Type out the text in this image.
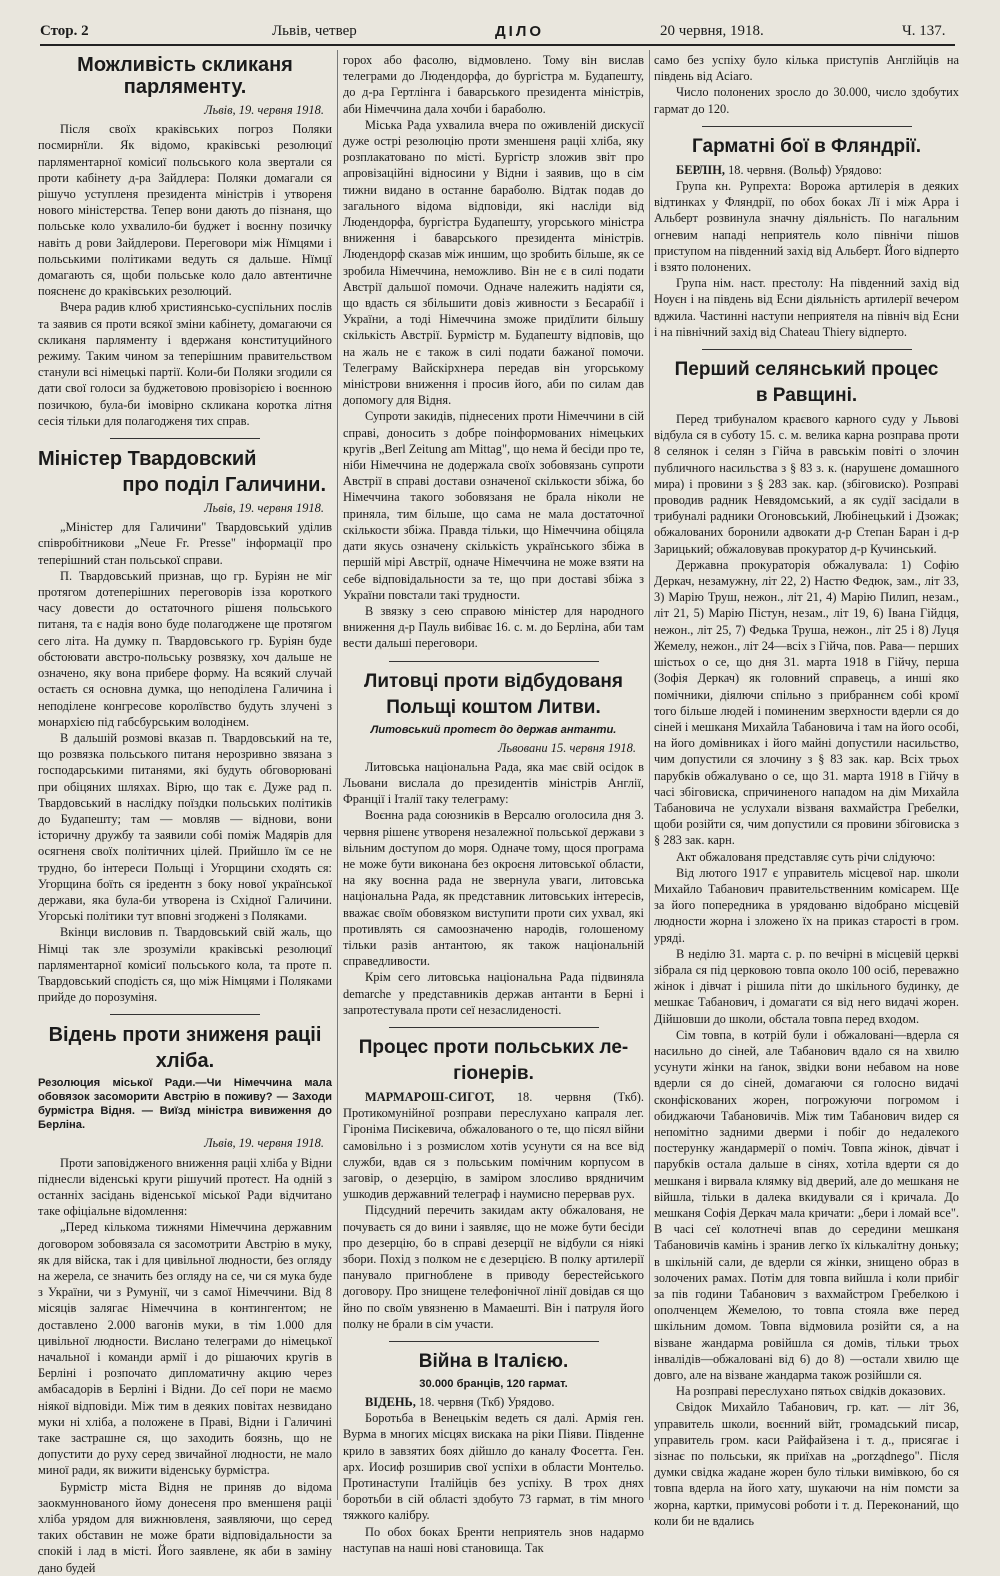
Стор. 2	Львів, четвер	ДІЛО	20 червня, 1918.	Ч. 137.
Можливість скликаня парляменту.
Львів, 19. червня 1918.

Після своїх краківських погроз Поляки посмирнїли. Як відомо, краківські резолюциї парляментарної комісиї польського кола звертали ся проти кабінету д-ра Зайдлера: Поляки домагали ся рішучо уступленя президента міністрів і утвореня нового міністерства. Тепер вони дають до пізнаня, що польське коло ухвалило-би буджет і воєнну позичку навіть д рови Зайдлерови. Переговори між Нїмцями і польськими політиками ведуть ся дальше. Нїмцї домагають ся, щоби польське коло дало автентичне поясненє до краківських резолюций.

Вчера радив клюб християнсько-суспільних послів та заявив ся проти всякої зміни кабінету, домагаючи ся скликаня парляменту і вдержаня конституцийного режиму. Таким чином за теперішним правительством станули всі німецькі партії. Коли-би Поляки згодили ся дати свої голоси за буджетовою провізорією і воєнною позичкою, була-би імовірно скликана короткa літня сесія тільки для полагодженя тих справ.

Міністер Твардовский
про поділ Галичини.
Львів, 19. червня 1918.

„Міністер для Галичини" Твардовський уділив співробітникови „Neue Fr. Presse" інформації про теперішний стан польської справи.

П. Твардовський признав, що гр. Буріян не міг протягом дотеперішних переговорів ізза короткого часу довести до остаточного рішеня польського питаня, та є надія воно буде полагоджене ще протягом сего літа. На думку п. Твардовського гр. Буріян буде обстоювати австро-польську розвязку, хоч дальше не означено, яку вона прибере форму. На всякий случай остаєть ся основна думка, що неподілена Галичина і неподілене конгресове королївство будуть злучені з монархією під габсбурським володінєм.

В дальшій розмові вказав п. Твардовський на те, що розвязка польського питаня нерозривно звязана з господарськими питанями, які будуть обговорювані при обіцяних шляхах. Вірю, що так є. Дуже рад п. Твардовський в наслідку поїздки польських політиків до Будапешту; там — мовляв — віднови, вони історичну дружбу та заявили собі поміж Мадярів для осягненя своїх політичних цілей. Прийшло їм се не трудно, бо інтереси Польщі і Угорщини сходять ся: Угорщина боїть ся іредентн з боку нової української держави, яка була-би утворена із Східної Галичини. Угорські політики тут вповні згоджені з Поляками.

Вкінци висловив п. Твардовський свій жаль, що Німці так зле зрозуміли краківські резолюциї парляментарної комісиї польського кола, та проте п. Твардовський сподість ся, що між Німцями і Поляками прийде до порозуміня.

Відень проти зниженя раціі
хліба.
Резолюция міської Ради.—Чи Німеччина мала обовязок засоморити Австрію в поживу? — Заходи бурмістра Відня. — Виїзд міністра вивиження до Берліна.
Львів, 19. червня 1918.

Проти заповідженого вниження раціі хліба у Відни піднесли віденські круги рішучий протест. На одній з останніх засідань віденської міської Ради відчитано таке офіціальне відомлення:

„Перед кількома тижнями Німеччина державним договором зобовязала ся засомотрити Австрію в муку, як для війска, так і для цивільної людности, без огляду на жерела, се значить без огляду на се, чи ся мука буде з України, чи з Румунії, чи з самої Німеччини. Від 8 місяців залягає Німеччина в контингентом; не доставлено 2.000 вагонів муки, в тім 1.000 для цивільної людности. Вислано телеграми до німецької начальної і команди армії і до рішаючих кругів в Берліні і розпочато дипломатичну акцию через амбасадорів в Берліні і Відни. До сеї пори не маємо ніякої відповіди. Між тим в деяких повітах незвидано муки ні хліба, а положене в Праві, Відни і Галичині таке застрашне ся, що заходить боязнь, що не допустити до руху серед звичайної людности, не мало миної ради, як вижити віденськy бурмістра.

Бурмістр міста Відня не приняв до відома заокмуннованого йому донесеня про вменшеня раціі хліба урядом для вижнювленя, заявляючи, що серед таких обставин не може брати відповідальности за спокій і лад в місті. Його заявлене, як аби в заміну дано будей

горох або фасолю, відмовлено. Тому він вислав телеграми до Людендорфа, до бургістра м. Будапешту, до д-ра Гертлінга і баварського президента міністрів, аби Німеччина дала хочби і бараболю.

Міська Рада ухвалила вчера по оживленій дискусії дуже острі резолюцію проти зменшеня раціі хліба, яку розплакатовано по місті. Бургістр зложив звіт про апровізаційні відносини у Відни і заявив, що в сім тижни видано в останне бараболю. Відтак подав до загального відома відповіди, які насліди від Людендорфа, бургістра Будапешту, угорського міністра вниження і баварського президента міністрів. Людендорф сказав між иншим, що зробить більше, як се зробила Німеччина, неможливо. Він не є в силі подати Австрії дальшої помочи. Одначе належить надіяти ся, що вдасть ся збільшити довіз живности з Бесарабії і України, а тоді Німеччина зможе придїлити більшу скількість Австрії. Бурмістр м. Будапешту відповів, що на жаль не є також в силі подати бажаної помочи. Телеграму Вайскірхнера передав він угорському міністрови вниження і просив його, аби по силам дав допомогу для Відня.

Супроти закидів, піднесених проти Німеччини в сій справі, доносить з добре поінформованих німецьких кругів „Berl Zeitung am Mittag", що нема й бесіди про те, ніби Німеччина не додержала своїх зобовязань супроти Австрії в справі достави означеної скількости збіжа, бо Німеччина такого зобовязаня не брала ніколи не приняла, тим більше, що сама не мала достаточної скількости збіжа. Правда тільки, що Німеччина обіцяла дати якусь означену скількість українського збіжа в першій мірі Австрії, одначе Німеччина не може взяти на себе відповідальности за те, що при доставі збіжа з України повстали такі трудности.

В звязку з сею справою міністер для народного вниження д-р Пауль вибіває 16. с. м. до Берліна, аби там вести дальші переговори.

Литовці проти відбудованя
Польщі коштом Литви.
Литовський протест до держав антанти.
Львовани 15. червня 1918.

Литовська національна Рада, яка має свій осідок в Льовани вислала до президентів міністрів Англії, Франції і Італії таку телеграму:

Воєнна рада союзників в Версалю оголосила дня 3. червня рішенє утвореня незалежної польської держави з вільним доступом до моря. Одначе тому, щося програма не може бути виконана без окроєня литовської области, на яку воєнна рада не звернула уваги, литовська національна Рада, як представник литовських інтересів, вважає своїм обовязком виступити проти сих ухвал, які противлять ся самоозначеню народів, голошеному тільки разів антантою, як також національній справедливости.

Крім сего литовська національна Рада підвиняла demarche у представників держав антанти в Берні і запротестувала проти сеї незаслиденості.

Процес проти польських ле-
гіонерів.

МАРМАРОШ-СИГОТ, 18. червня (Ткб). Протикомунійної розправи переслухано капраля лег. Гіроніма Писікевича, обжалованого о те, що пісял війни самовільно і з розмислом хотів усунути ся на все від служби, вдав ся з польським помічним корпусом в заговір, о дезерцію, в заміром злосливо врядничим ушкодив державний телеграф і наумисно перервав рух.

Підсудний перечить закидам акту обжалованя, не почуваєть ся до вини і заявляє, що не може бути бесіди про дезерцію, бо в справі дезерції не відбули ся ніякі збори. Похід з полком не є дезерцією. В полку артилерії панувало пригноблене в приводу берестейського договору. Про знищене телефонічної лінії довідав ся що йно по своїм увязненю в Мамаешті. Він і патруля його полку не брали в сім участи.

Війна в Італією.
30.000 бранців, 120 гармат.

ВІДЕНЬ, 18. червня (Ткб) Урядово.

Боротьба в Венецькім ведеть ся далі. Армія ген. Вурма в многих місцях вискака на ріки Піяви. Південне крило в завзятих боях дійшло до каналу Фосетта. Ген. арх. Иосиф розширив свої успіхи в области Монтельо. Протинаступи Італійців без успіху. В трох днях боротьби в сій області здобуто 73 гармат, в тім много тяжкого калібру.

По обох боках Бренти неприятель знов надармо наступав на наші нові становища. Так

само без успіху було кілька приступів Англійців на південь від Асіаго.

Число полонених зросло до 30.000, число здобутих гармат до 120.

Гарматні бої в Фляндрії.

БЕРЛІН, 18. червня. (Вольф) Урядово:

Група кн. Рупрехта: Ворожа артилерія в деяких відтинках у Фляндрії, по обох боках Лї і між Арра і Альберт розвинула значну діяльність. По нагальним огневим нападі неприятель коло північи пішов приступом на південний захід від Альберт. Його відперто і взято полонених.

Група нім. наст. престолу: На південний захід від Ноуєн і на південь від Есни діяльність артилерії вечером вджила. Частинні наступи неприятеля на північ від Есни і на північний захід від Chateau Thiery відперто.

Перший селянський процес
в Равщині.

Перед трибуналом краєвого карного суду у Львові відбула ся в суботу 15. с. м. велика карна розправа проти 8 селянок і селян з Гійча в равськім повіті о злочин публичного насильства з § 83 з. к. (нарушенє домашного мира) і провини з § 283 зак. кар. (збіговиско). Розправі проводив радник Невядомський, а як судії засідали в трибуналі радники Огоновський, Любінецький і Дзожак; обжалованих боронили адвокати д-р Степан Баран і д-р Зарицький; обжаловував прокуратор д-р Кучинський.

Державна прокураторія обжалувала: 1) Софію Деркач, незамужну, літ 22, 2) Настю Федюк, зам., літ 33, 3) Марію Труш, нежон., літ 21, 4) Марію Пилип, незам., літ 21, 5) Марію Пістун, незам., літ 19, 6) Івана Гійдця, нежон., літ 25, 7) Федька Труша, нежон., літ 25 і 8) Луця Жемелу, нежон., літ 24—всіх з Гійча, пов. Рава— перших шістьох о се, що дня 31. марта 1918 в Гійчу, перша (Зофія Деркач) як головний справець, а инші яко помічники, діялючи спільно з прибраннєм собі кромї того більше людей і поминеним зверхности вдерли ся до сіней і мешканя Михайла Табановича і там на його особі, на його домівниках і його майні допустили насильство, чим допустили ся злочину з § 83 зак. кар. Всіх трьох парубків обжалувано о се, що 31. марта 1918 в Гійчу в часі збіговиска, спричиненого нападом на дім Михайла Табановича не услухали візваня вахмайстра Гребелки, щоби розійти ся, чим допустили ся провини збіговиска з § 283 зак. карн.

Акт обжалованя представляє суть річи слідуючо:

Від лютого 1917 є управитель місцевої нар. школи Михайло Табанович правительственним комісарем. Ще за його попередника в урядованю відобрано місцевій людности жорна і зложено їх на приказ старості в гром. уряді.

В неділю 31. марта с. р. по вечірні в місцевій церкві зібрала ся під церковою товпа около 100 осіб, переважно жінок і дівчат і рішила піти до шкільного будинку, де мешкає Табанович, і домагати ся від него видачі жорен. Дійшовши до школи, обстала товпа перед входом.

Сім товпа, в котрій були і обжаловані—вдерла ся насильно до сіней, але Табанович вдало ся на хвилю усунути жінки на ґанок, звідки вони небавом на нове вдерли ся до сіней, домагаючи ся голосно видачі сконфіскованих жорен, погрожуючи погромом і обиджаючи Табановичів. Між тим Табанович видер ся непомітно задними дверми і побіг до недалекого постерунку жандармерії о поміч. Товпа жінок, дівчат і парубків остала дальше в сінях, хотіла вдерти ся до мешканя і вирвала клямку від дверий, але до мешканя не війшла, тільки в далека вкидували ся і кричала. До мешканя Софія Деркач мала кричати: „бери і ломай все". В часі сеї колотнечі впав до середини мешканя Табановичів камінь і зранив легко їх кількалітну доньку; в шкільній сали, де вдерли ся жінки, знищено образ в золочених рамах. Потім для товпа вийшла і коли прибіг за пів години Табанович з вахмайстром Гребелкою і ополченцем Жемелою, то товпа стояла вже перед шкільним домом. Товпа відмовила розійти ся, а на візвaне жандарма ровійшла ся домів, тільки трьох інвалідів—обжаловані від 6) до 8) —остали хвилю ще довго, але на візвaне жандарма також розійшли ся.

На розправі переслухано пятьох свідків доказових.

Свідок Михайло Табанович, гр. кат. — літ 36, управитель школи, воєнний війт, громадський писар, управитель гром. каси Райфайзена і т. д., присягає і зізнає по польськи, як приїхав на „porządnego". Після думки свідка жадане жорен було тільки вимівкою, бо ся товпа вдерла на його хату, шукаючи на нім помсти за жорна, картки, примусові роботи і т. д. Переконаний, що коли би не вдались
